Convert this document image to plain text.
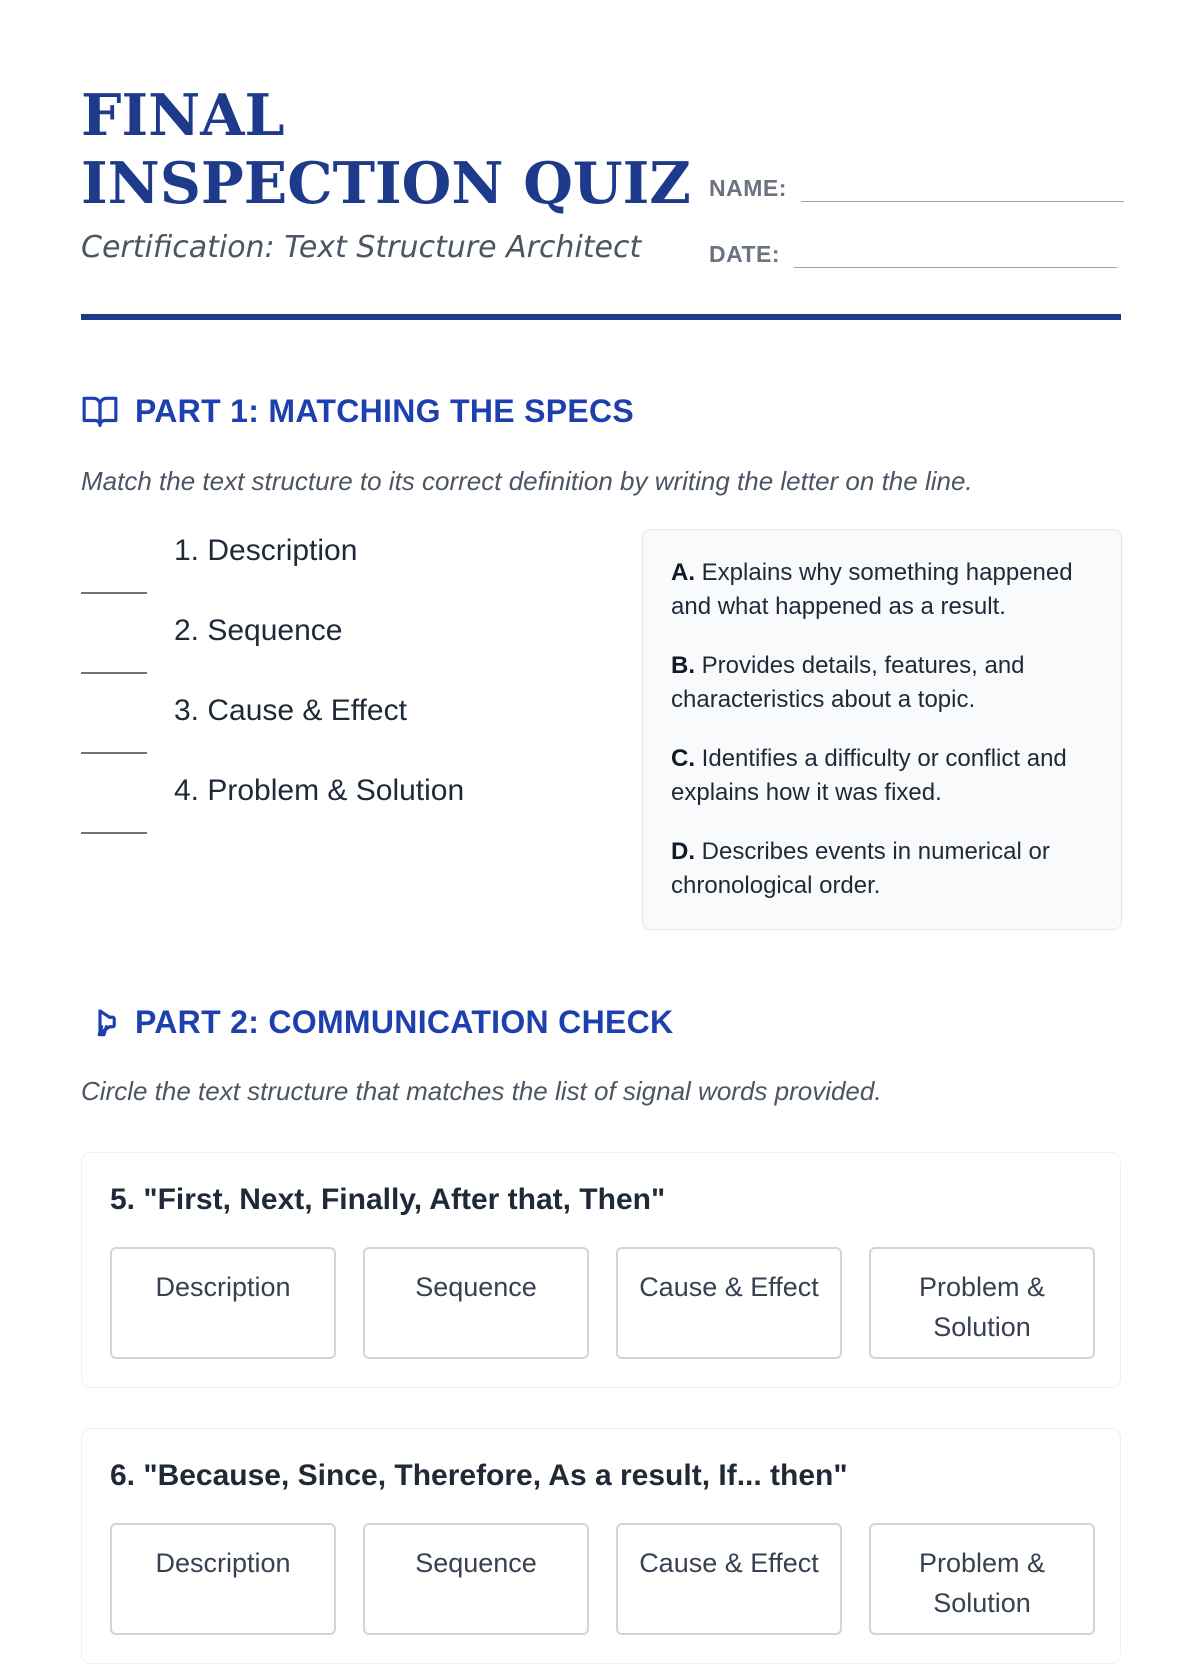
FINAL INSPECTION QUIZ
Certification: Text Structure Architect
NAME:
DATE:
PART 1: MATCHING THE SPECS
Match the text structure to its correct definition by writing the letter on the line.
1. Description
2. Sequence
3. Cause & Effect
4. Problem & Solution
A. Explains why something happened and what happened as a result.
B. Provides details, features, and characteristics about a topic.
C. Identifies a difficulty or conflict and explains how it was fixed.
D. Describes events in numerical or chronological order.
PART 2: COMMUNICATION CHECK
Circle the text structure that matches the list of signal words provided.
5. "First, Next, Finally, After that, Then"
Description	Sequence	Cause & Effect	Problem & Solution
6. "Because, Since, Therefore, As a result, If... then"
Description	Sequence	Cause & Effect	Problem & Solution
